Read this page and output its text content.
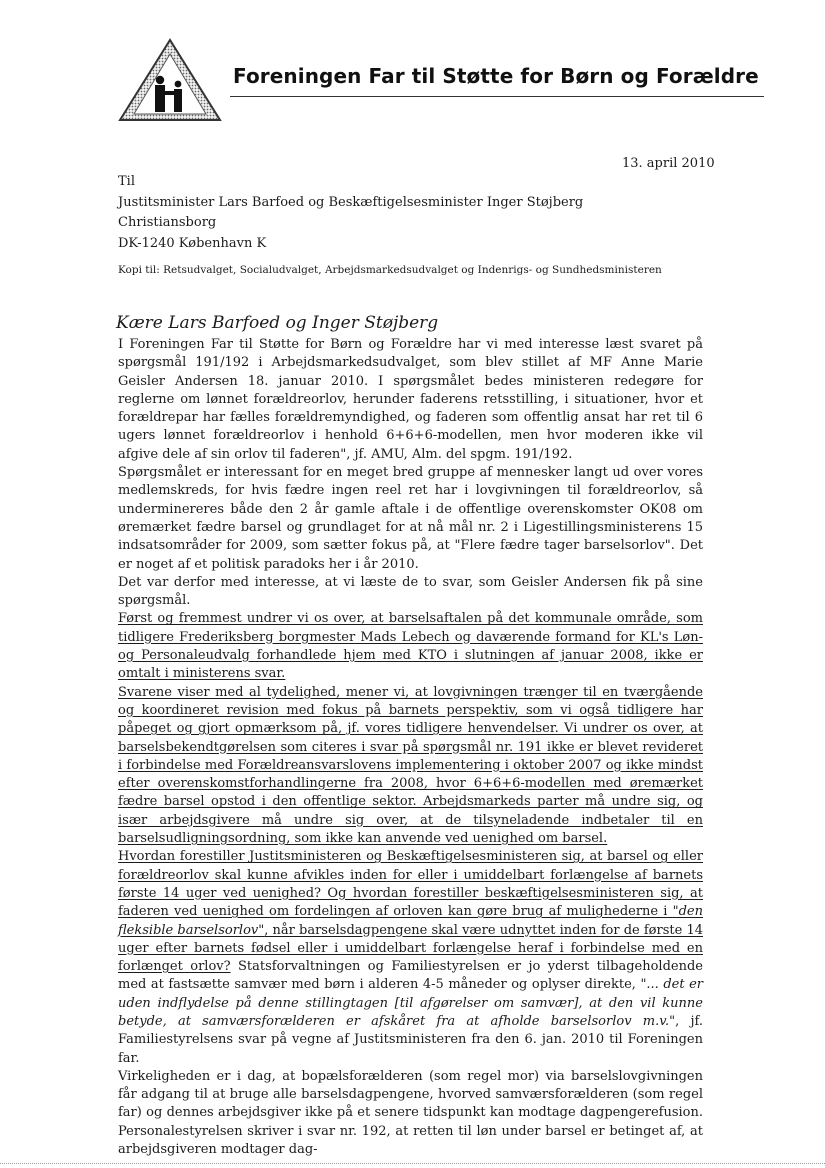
Foreningen Far til Støtte for Børn og Forældre
13. april 2010
Til
Justitsminister Lars Barfoed og Beskæftigelsesminister Inger Støjberg
Christiansborg
DK-1240 København K
Kopi til: Retsudvalget, Socialudvalget, Arbejdsmarkedsudvalget og Indenrigs- og Sundhedsministeren
Kære Lars Barfoed og Inger Støjberg

I Foreningen Far til Støtte for Børn og Forældre har vi med interesse læst svaret på spørgsmål 191/192 i Arbejdsmarkedsudvalget, som blev stillet af MF Anne Marie Geisler Andersen 18. januar 2010. I spørgsmålet bedes ministeren redegøre for reglerne om lønnet forældreorlov, herunder faderens retsstilling, i situationer, hvor et forældrepar har fælles forældremyndighed, og faderen som offentlig ansat har ret til 6 ugers lønnet forældreorlov i henhold 6+6+6-modellen, men hvor moderen ikke vil afgive dele af sin orlov til faderen", jf. AMU, Alm. del spgm. 191/192.

Spørgsmålet er interessant for en meget bred gruppe af mennesker langt ud over vores medlemskreds, for hvis fædre ingen reel ret har i lovgivningen til forældreorlov, så underminereres både den 2 år gamle aftale i de offentlige overenskomster OK08 om øremærket fædre barsel og grundlaget for at nå mål nr. 2 i Ligestillingsministerens 15 indsatsområder for 2009, som sætter fokus på, at "Flere fædre tager barselsorlov". Det er noget af et politisk paradoks her i år 2010.

Det var derfor med interesse, at vi læste de to svar, som Geisler Andersen fik på sine spørgsmål.

Først og fremmest undrer vi os over, at barselsaftalen på det kommunale område, som tidligere Frederiksberg borgmester Mads Lebech og daværende formand for KL's Løn- og Personaleudvalg forhandlede hjem med KTO i slutningen af januar 2008, ikke er omtalt i ministerens svar.

Svarene viser med al tydelighed, mener vi, at lovgivningen trænger til en tværgående og koordineret revision med fokus på barnets perspektiv, som vi også tidligere har påpeget og gjort opmærksom på, jf. vores tidligere henvendelser. Vi undrer os over, at barselsbekendtgørelsen som citeres i svar på spørgsmål nr. 191 ikke er blevet revideret i forbindelse med Forældreansvarslovens implementering i oktober 2007 og ikke mindst efter overenskomstforhandlingerne fra 2008, hvor 6+6+6-modellen med øremærket fædre barsel opstod i den offentlige sektor. Arbejdsmarkeds parter må undre sig, og især arbejdsgivere må undre sig over, at de tilsyneladende indbetaler til en barselsudligningsordning, som ikke kan anvende ved uenighed om barsel.

Hvordan forestiller Justitsministeren og Beskæftigelsesministeren sig, at barsel og eller forældreorlov skal kunne afvikles inden for eller i umiddelbart forlængelse af barnets første 14 uger ved uenighed? Og hvordan forestiller beskæftigelsesministeren sig, at faderen ved uenighed om fordelingen af orloven kan gøre brug af mulighederne i "den fleksible barselsorlov", når barselsdagpengene skal være udnyttet inden for de første 14 uger efter barnets fødsel eller i umiddelbart forlængelse heraf i forbindelse med en forlænget orlov? Statsforvaltningen og Familiestyrelsen er jo yderst tilbageholdende med at fastsætte samvær med børn i alderen 4-5 måneder og oplyser direkte, "... det er uden indflydelse på denne stillingtagen [til afgørelser om samvær], at den vil kunne betyde, at samværsforælderen er afskåret fra at afholde barselsorlov m.v.", jf. Familiestyrelsens svar på vegne af Justitsministeren fra den 6. jan. 2010 til Foreningen far.

Virkeligheden er i dag, at bopælsforælderen (som regel mor) via barselslovgivningen får adgang til at bruge alle barselsdagpengene, hvorved samværsforælderen (som regel far) og dennes arbejdsgiver ikke på et senere tidspunkt kan modtage dagpengerefusion. Personalestyrelsen skriver i svar nr. 192, at retten til løn under barsel er betinget af, at arbejdsgiveren modtager dag-
